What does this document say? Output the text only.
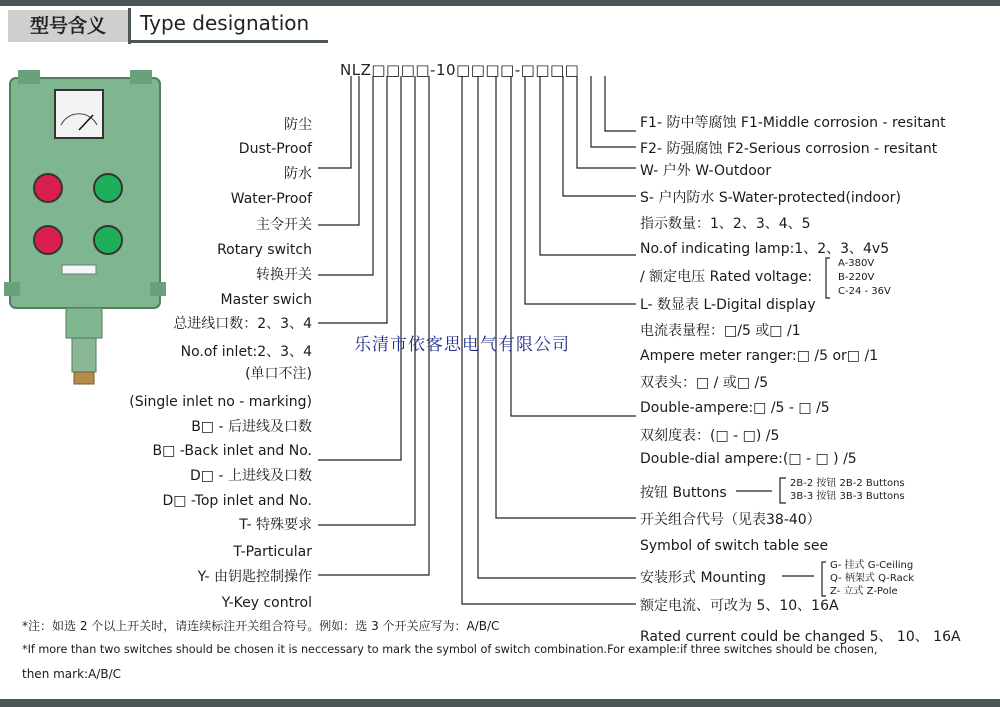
型号含义	Type designation
NLZ□□□□-10□□□□-□□□□
防尘
Dust-Proof
防水
Water-Proof
主令开关
Rotary switch
转换开关
Master swich
总进线口数：2、3、4
No.of inlet:2、3、4
(单口不注)
(Single inlet no - marking)
B□ - 后进线及口数
B□ -Back inlet and No.
D□ - 上进线及口数
D□ -Top inlet and No.
T- 特殊要求
T-Particular
Y- 由钥匙控制操作
Y-Key control
F1- 防中等腐蚀 F1-Middle corrosion - resitant
F2- 防强腐蚀 F2-Serious corrosion - resitant
W- 户外 W-Outdoor
S- 户内防水 S-Water-protected(indoor)
指示数量：1、2、3、4、5
No.of indicating lamp:1、2、3、4v5
/ 额定电压 Rated voltage:
A-380V
B-220V
C-24 - 36V
L- 数显表 L-Digital display
电流表量程：□/5 或□ /1
Ampere meter ranger:□ /5 or□ /1
双表头：□ / 或□ /5
Double-ampere:□ /5 - □ /5
双刻度表：(□ - □) /5
Double-dial ampere:(□ - □ ) /5
按钮 Buttons
2B-2 按钮 2B-2 Buttons
3B-3 按钮 3B-3 Buttons
开关组合代号（见表38-40）
Symbol of switch table see
安装形式 Mounting
G- 挂式 G-Ceiling
Q- 柄架式 Q-Rack
Z- 立式 Z-Pole
额定电流、可改为 5、10、16A
Rated current could be changed 5、 10、 16A
乐清市依客思电气有限公司
*注：如选 2 个以上开关时，请连续标注开关组合符号。例如：选 3 个开关应写为：A/B/C
*If more than two switches should be chosen it is neccessary to mark the symbol of switch combination.For example:if three switches should be chosen,
then mark:A/B/C
